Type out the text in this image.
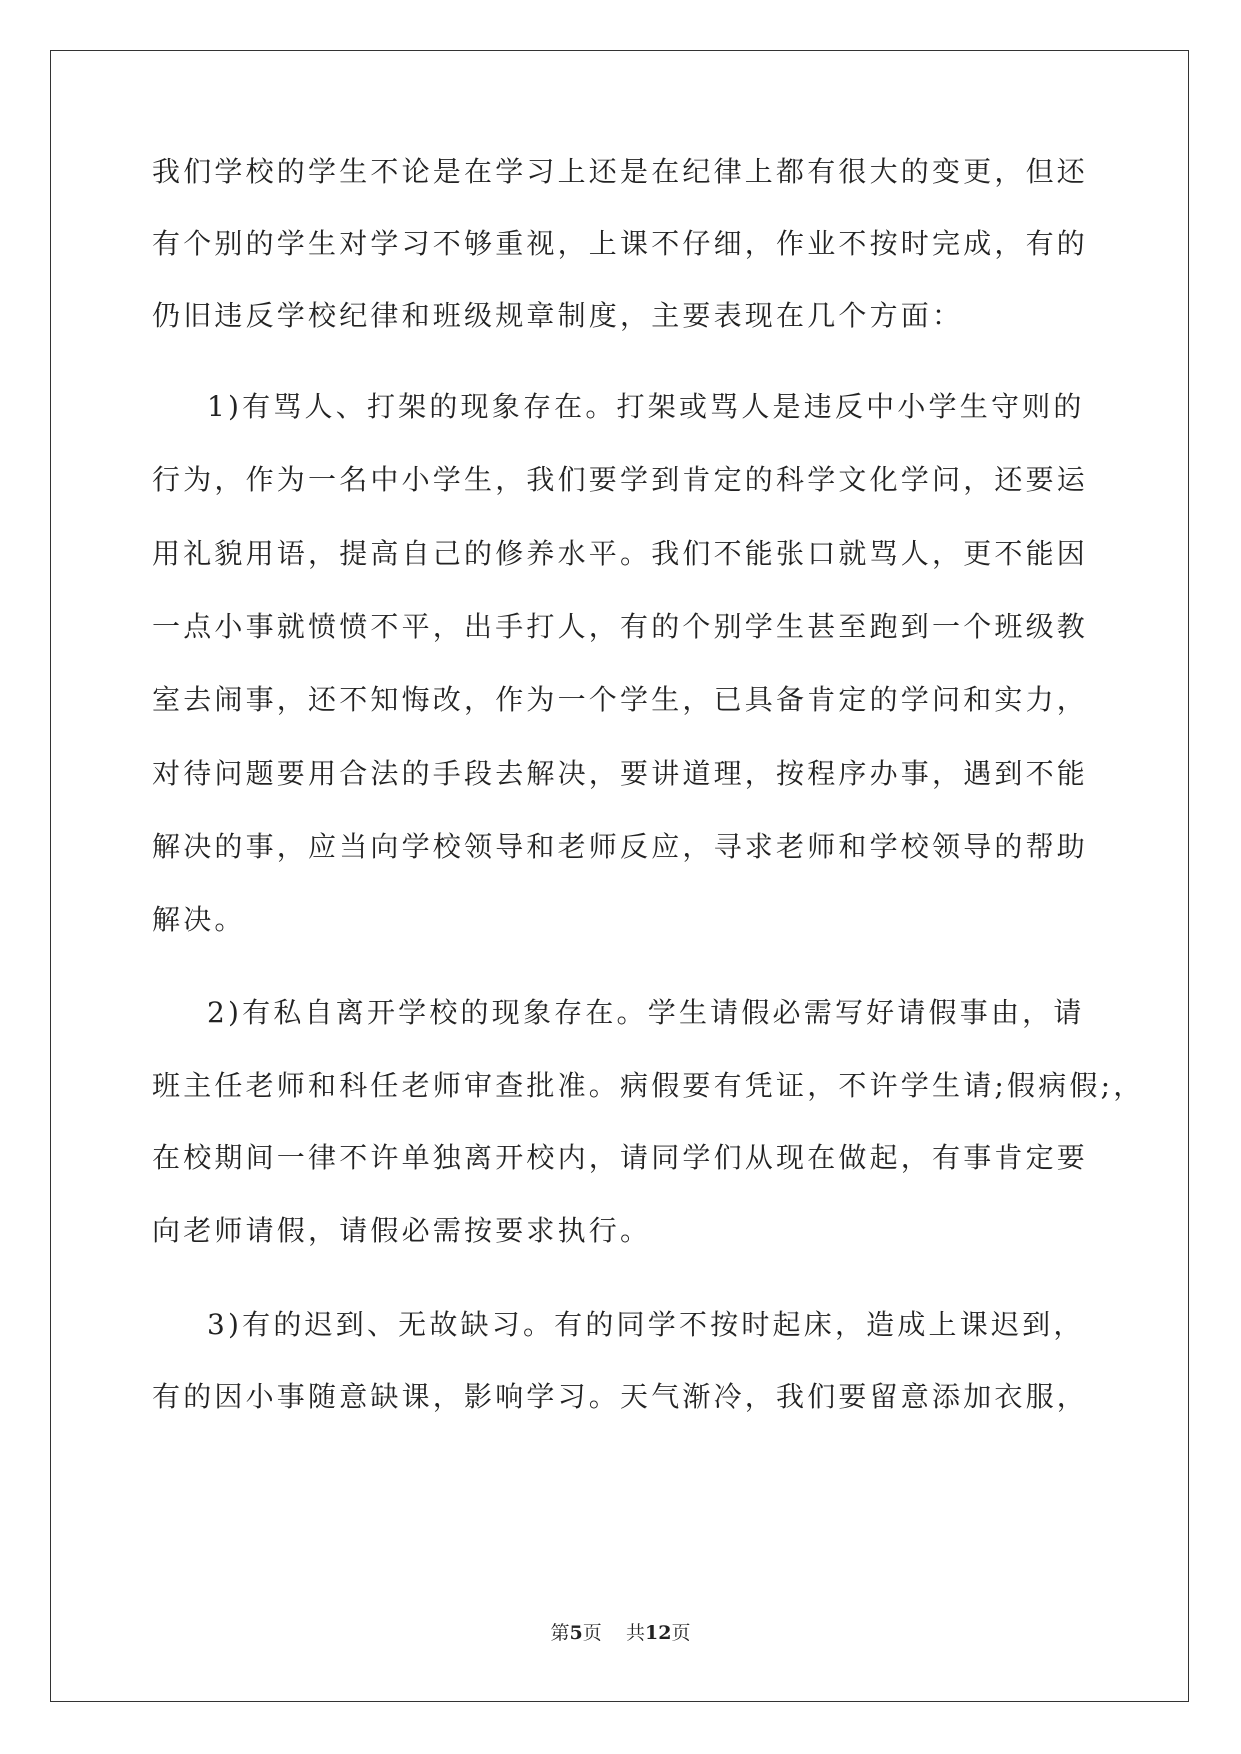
我们学校的学生不论是在学习上还是在纪律上都有很大的变更，但还
有个别的学生对学习不够重视，上课不仔细，作业不按时完成，有的
仍旧违反学校纪律和班级规章制度，主要表现在几个方面：
1)有骂人、打架的现象存在。打架或骂人是违反中小学生守则的
行为，作为一名中小学生，我们要学到肯定的科学文化学问，还要运
用礼貌用语，提高自己的修养水平。我们不能张口就骂人，更不能因
一点小事就愤愤不平，出手打人，有的个别学生甚至跑到一个班级教
室去闹事，还不知悔改，作为一个学生，已具备肯定的学问和实力，
对待问题要用合法的手段去解决，要讲道理，按程序办事，遇到不能
解决的事，应当向学校领导和老师反应，寻求老师和学校领导的帮助
解决。
2)有私自离开学校的现象存在。学生请假必需写好请假事由，请
班主任老师和科任老师审查批准。病假要有凭证，不许学生请;假病假;，
在校期间一律不许单独离开校内，请同学们从现在做起，有事肯定要
向老师请假，请假必需按要求执行。
3)有的迟到、无故缺习。有的同学不按时起床，造成上课迟到，
有的因小事随意缺课，影响学习。天气渐冷，我们要留意添加衣服，
第5页 共12页
